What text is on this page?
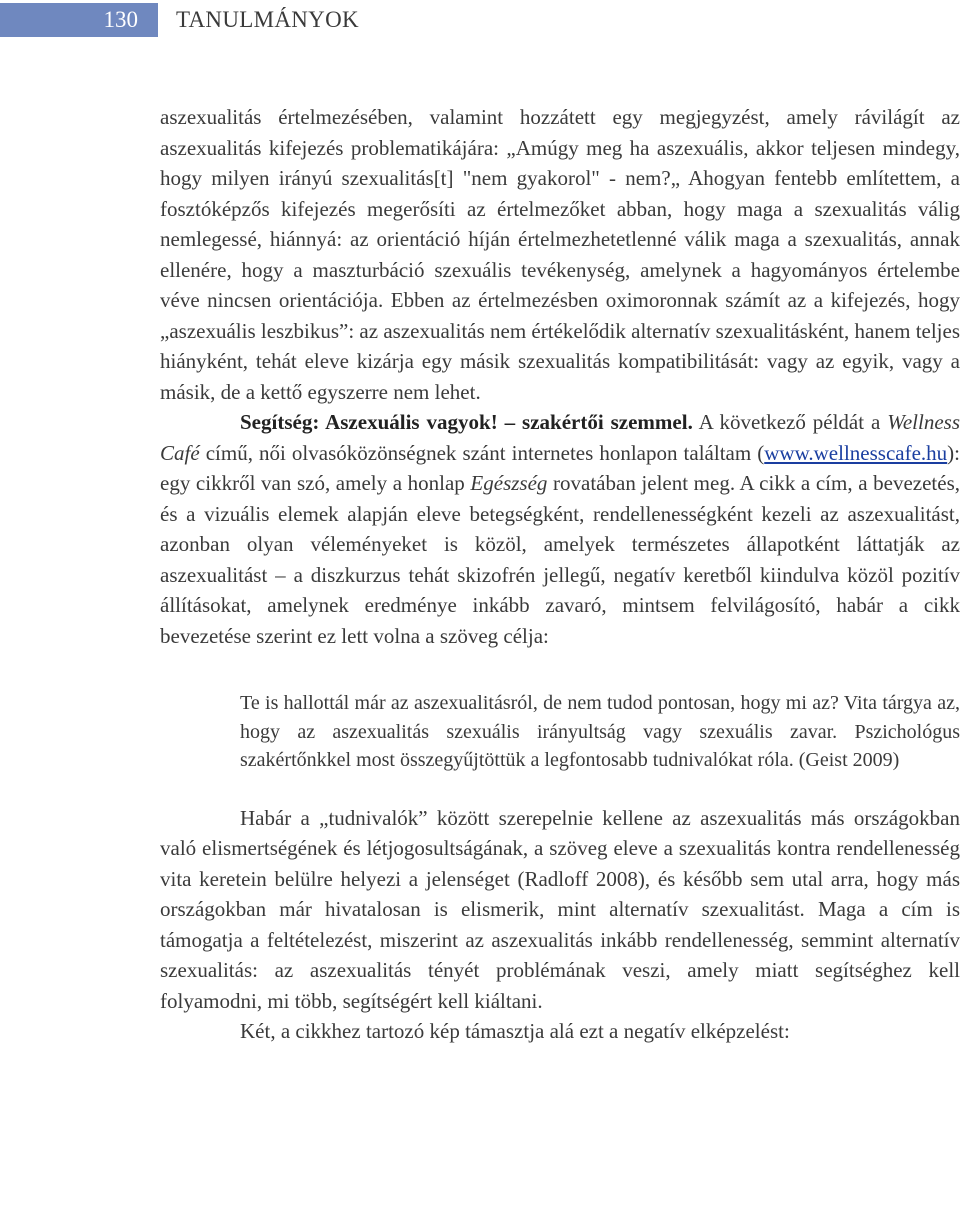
130	TANULMÁNYOK

aszexualitás értelmezésében, valamint hozzátett egy megjegyzést, amely rávilágít az aszexualitás kifejezés problematikájára: „Amúgy meg ha aszexuális, akkor teljesen mindegy, hogy milyen irányú szexualitás[t] "nem gyakorol" - nem?„ Ahogyan fentebb említettem, a fosztóképzős kifejezés megerősíti az értelmezőket abban, hogy maga a szexualitás válig nemlegessé, hiánnyá: az orientáció híján értelmezhetetlenné válik maga a szexualitás, annak ellenére, hogy a maszturbáció szexuális tevékenység, amelynek a hagyományos értelembe véve nincsen orientációja. Ebben az értelmezésben oximoronnak számít az a kifejezés, hogy „aszexuális leszbikus”: az aszexualitás nem értékelődik alternatív szexualitásként, hanem teljes hiányként, tehát eleve kizárja egy másik szexualitás kompatibilitását: vagy az egyik, vagy a másik, de a kettő egyszerre nem lehet.

Segítség: Aszexuális vagyok! – szakértői szemmel. A következő példát a Wellness Café című, női olvasóközönségnek szánt internetes honlapon találtam (www.wellnesscafe.hu): egy cikkről van szó, amely a honlap Egészség rovatában jelent meg. A cikk a cím, a bevezetés, és a vizuális elemek alapján eleve betegségként, rendellenességként kezeli az aszexualitást, azonban olyan véleményeket is közöl, amelyek természetes állapotként láttatják az aszexualitást – a diszkurzus tehát skizofrén jellegű, negatív keretből kiindulva közöl pozitív állításokat, amelynek eredménye inkább zavaró, mintsem felvilágosító, habár a cikk bevezetése szerint ez lett volna a szöveg célja:

Te is hallottál már az aszexualitásról, de nem tudod pontosan, hogy mi az? Vita tárgya az, hogy az aszexualitás szexuális irányultság vagy szexuális zavar. Pszichológus szakértőnkkel most összegyűjtöttük a legfontosabb tudnivalókat róla. (Geist 2009)

Habár a „tudnivalók” között szerepelnie kellene az aszexualitás más országokban való elismertségének és létjogosultságának, a szöveg eleve a szexualitás kontra rendellenesség vita keretein belülre helyezi a jelenséget (Radloff 2008), és később sem utal arra, hogy más országokban már hivatalosan is elismerik, mint alternatív szexualitást. Maga a cím is támogatja a feltételezést, miszerint az aszexualitás inkább rendellenesség, semmint alternatív szexualitás: az aszexualitás tényét problémának veszi, amely miatt segítséghez kell folyamodni, mi több, segítségért kell kiáltani.

Két, a cikkhez tartozó kép támasztja alá ezt a negatív elképzelést:
